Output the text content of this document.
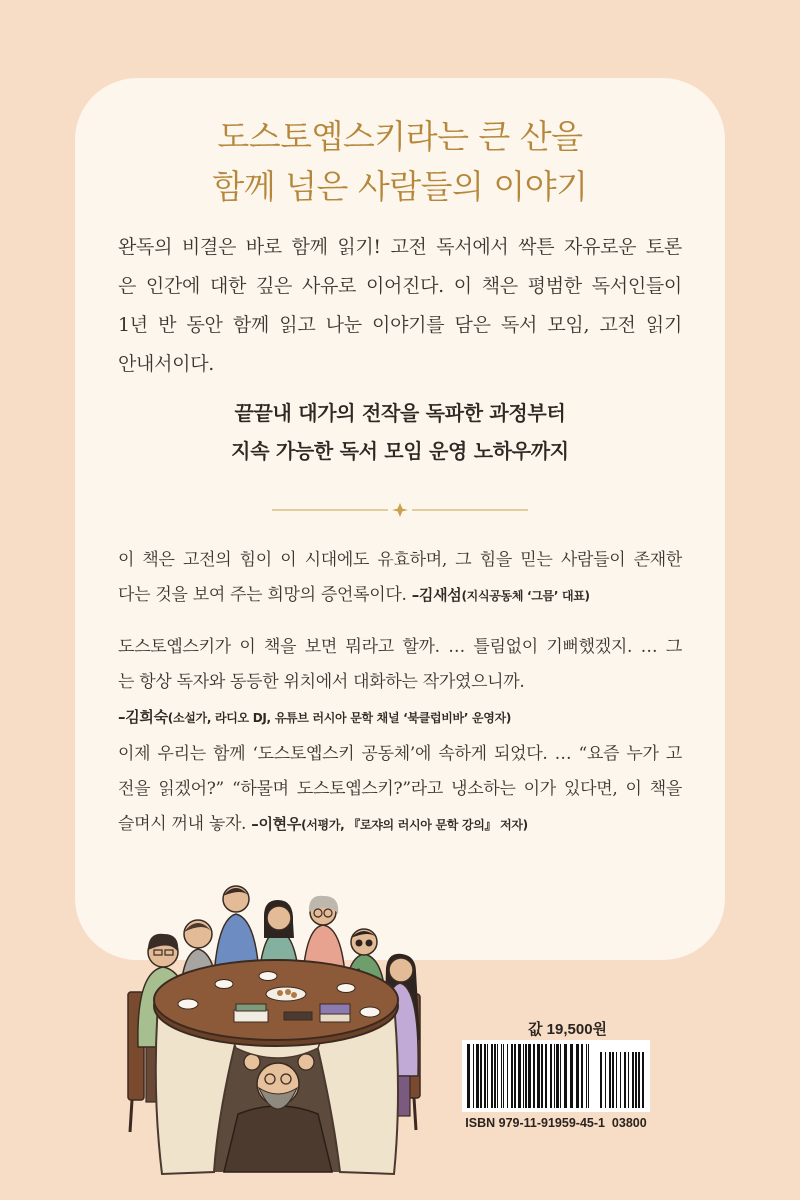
도스토옙스키라는 큰 산을
함께 넘은 사람들의 이야기
완독의 비결은 바로 함께 읽기! 고전 독서에서 싹튼 자유로운 토론
은 인간에 대한 깊은 사유로 이어진다. 이 책은 평범한 독서인들이
1년 반 동안 함께 읽고 나눈 이야기를 담은 독서 모임, 고전 읽기
안내서이다.
끝끝내 대가의 전작을 독파한 과정부터
지속 가능한 독서 모임 운영 노하우까지
이 책은 고전의 힘이 이 시대에도 유효하며, 그 힘을 믿는 사람들이 존재한
다는 것을 보여 주는 희망의 증언록이다. –김새섬(지식공동체 ‘그믐’ 대표)
도스토옙스키가 이 책을 보면 뭐라고 할까. … 틀림없이 기뻐했겠지. … 그
는 항상 독자와 동등한 위치에서 대화하는 작가였으니까.
–김희숙(소설가, 라디오 DJ, 유튜브 러시아 문학 채널 ‘북클럽비바’ 운영자)
이제 우리는 함께 ‘도스토옙스키 공동체’에 속하게 되었다. … “요즘 누가 고
전을 읽겠어?” “하물며 도스토옙스키?”라고 냉소하는 이가 있다면, 이 책을
슬며시 꺼내 놓자. –이현우(서평가, 『로쟈의 러시아 문학 강의』 저자)
값 19,500원
ISBN 979-11-91959-45-1  03800
